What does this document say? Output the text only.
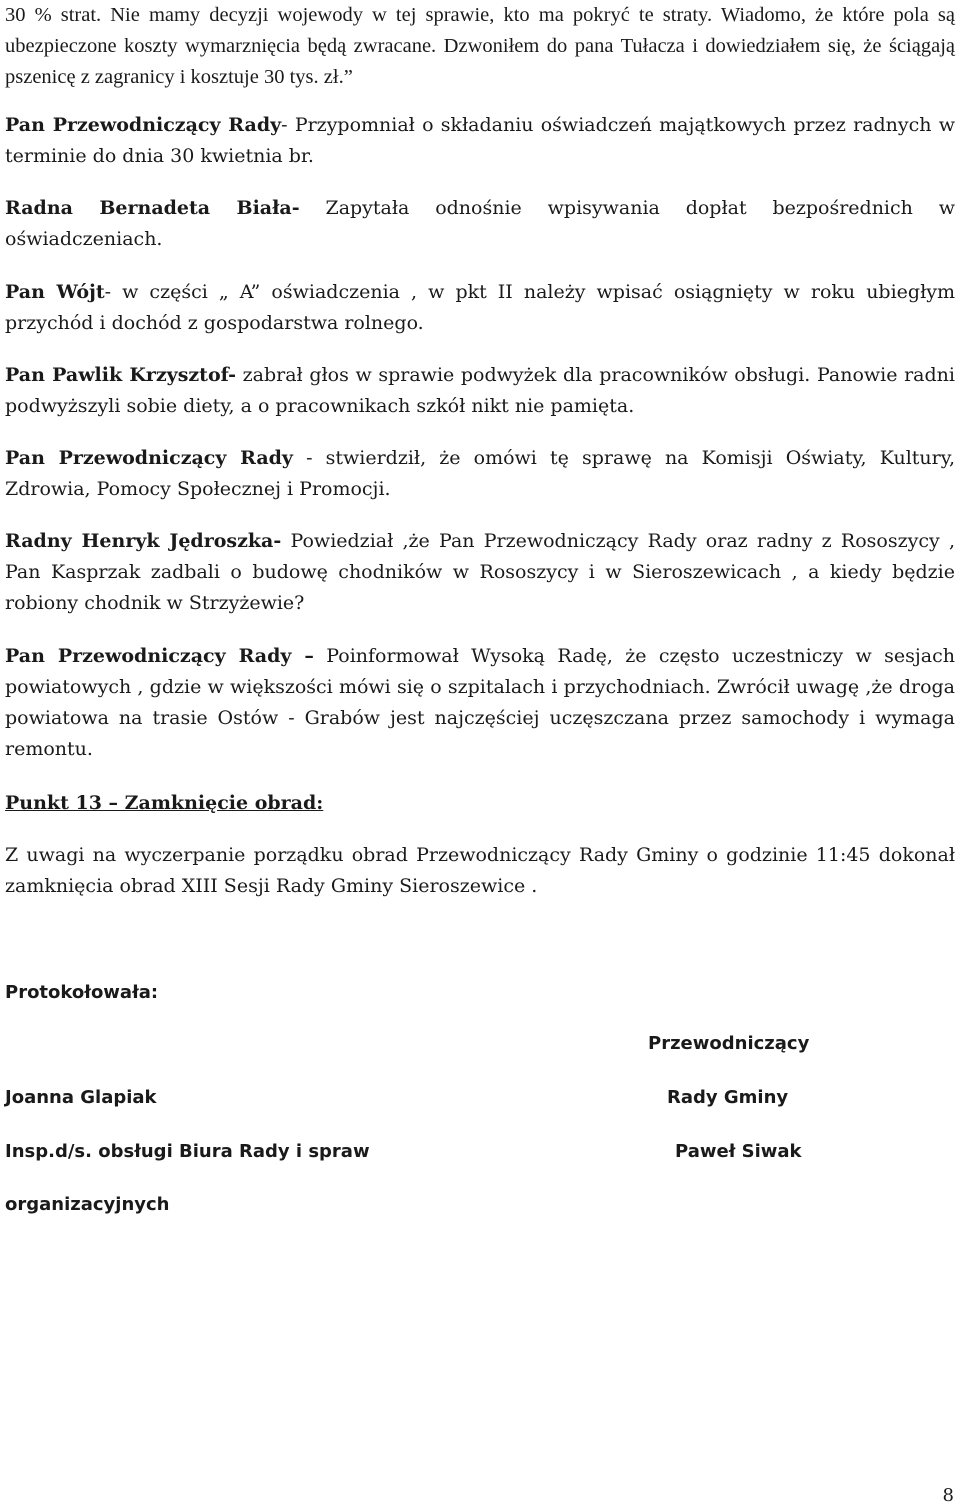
30 % strat. Nie mamy decyzji wojewody w tej sprawie, kto ma pokryć te straty. Wiadomo, że które pola są ubezpieczone koszty wymarznięcia będą zwracane. Dzwoniłem do pana Tułacza i dowiedziałem się, że ściągają pszenicę z zagranicy i kosztuje 30 tys. zł.”

Pan Przewodniczący Rady- Przypomniał o składaniu oświadczeń majątkowych przez radnych w terminie do dnia 30 kwietnia br.

Radna Bernadeta Biała- Zapytała odnośnie wpisywania dopłat bezpośrednich w oświadczeniach.

Pan Wójt- w części „ A” oświadczenia , w pkt II należy wpisać osiągnięty w roku ubiegłym przychód i dochód z gospodarstwa rolnego.

Pan Pawlik Krzysztof- zabrał głos w sprawie podwyżek dla pracowników obsługi. Panowie radni podwyższyli sobie diety, a o pracownikach szkół nikt nie pamięta.

Pan Przewodniczący Rady - stwierdził, że omówi tę sprawę na Komisji Oświaty, Kultury, Zdrowia, Pomocy Społecznej i Promocji.

Radny Henryk Jędroszka- Powiedział ,że Pan Przewodniczący Rady oraz radny z Rososzycy , Pan Kasprzak zadbali o budowę chodników w Rososzycy i w Sieroszewicach , a kiedy będzie robiony chodnik w Strzyżewie?

Pan Przewodniczący Rady – Poinformował Wysoką Radę, że często uczestniczy w sesjach powiatowych , gdzie w większości mówi się o szpitalach i przychodniach. Zwrócił uwagę ,że droga powiatowa na trasie Ostów - Grabów jest najczęściej uczęszczana przez samochody i wymaga remontu.

Punkt 13 – Zamknięcie obrad:

Z uwagi na wyczerpanie porządku obrad Przewodniczący Rady Gminy o godzinie 11:45 dokonał zamknięcia obrad XIII Sesji Rady Gminy Sieroszewice .

Protokołowała:
Joanna Glapiak
Insp.d/s. obsługi Biura Rady i spraw
organizacyjnych
Przewodniczący
Rady Gminy
Paweł Siwak
8
